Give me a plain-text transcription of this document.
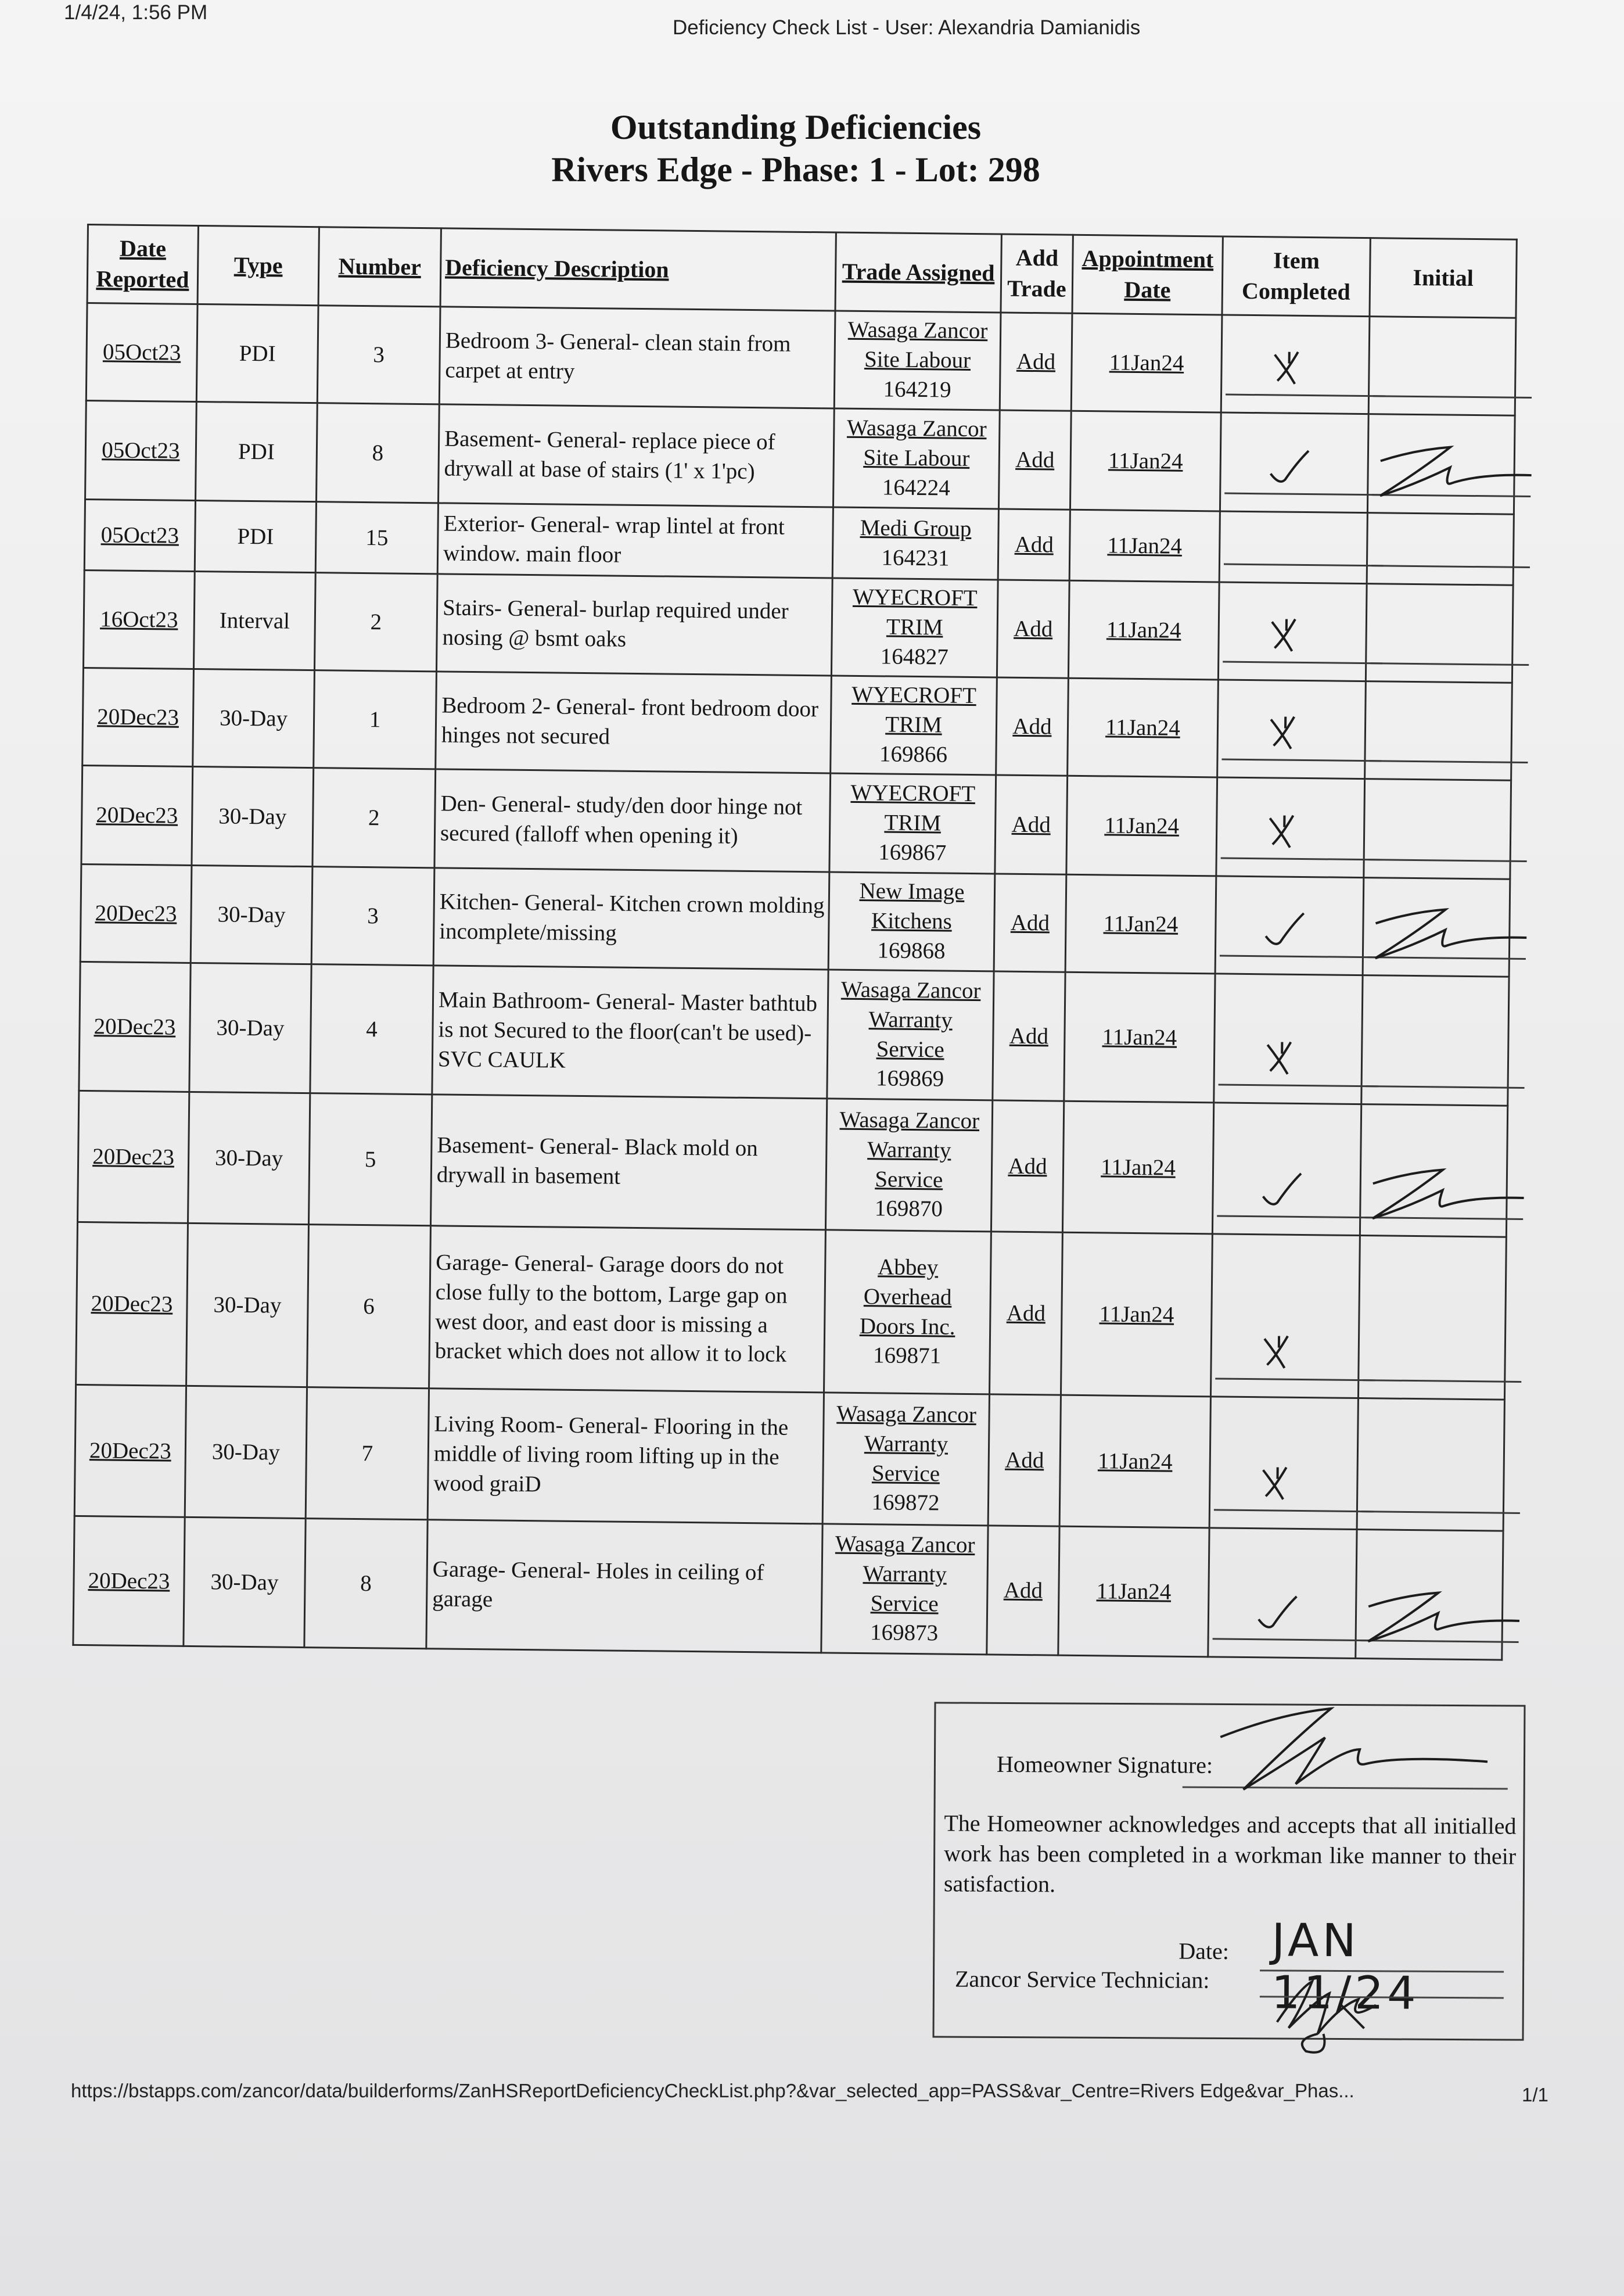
1/4/24, 1:56 PM
Deficiency Check List - User: Alexandria Damianidis
Outstanding Deficiencies
Rivers Edge - Phase: 1 - Lot: 298
Date Reported	Type	Number	Deficiency Description	Trade Assigned	Add Trade	Appointment Date	Item Completed	Initial
05Oct23	PDI	3	Bedroom 3- General- clean stain from carpet at entry	Wasaga Zancor
Site Labour
164219	Add	11Jan24	

05Oct23	PDI	8	Basement- General- replace piece of drywall at base of stairs (1' x 1'pc)	Wasaga Zancor
Site Labour
164224	Add	11Jan24	

05Oct23	PDI	15	Exterior- General- wrap lintel at front window. main floor	Medi Group
164231	Add	11Jan24	

16Oct23	Interval	2	Stairs- General- burlap required under nosing @ bsmt oaks	WYECROFT
TRIM
164827	Add	11Jan24	

20Dec23	30-Day	1	Bedroom 2- General- front bedroom door hinges not secured	WYECROFT
TRIM
169866	Add	11Jan24	

20Dec23	30-Day	2	Den- General- study/den door hinge not secured (falloff when opening it)	WYECROFT
TRIM
169867	Add	11Jan24	

20Dec23	30-Day	3	Kitchen- General- Kitchen crown molding incomplete/missing	New Image
Kitchens
169868	Add	11Jan24	

20Dec23	30-Day	4	Main Bathroom- General- Master bathtub is not Secured to the floor(can't be used)-SVC CAULK	Wasaga Zancor
Warranty
Service
169869	Add	11Jan24	

20Dec23	30-Day	5	Basement- General- Black mold on drywall in basement	Wasaga Zancor
Warranty
Service
169870	Add	11Jan24	

20Dec23	30-Day	6	Garage- General- Garage doors do not close fully to the bottom, Large gap on west door, and east door is missing a bracket which does not allow it to lock	Abbey
Overhead
Doors Inc.
169871	Add	11Jan24	

20Dec23	30-Day	7	Living Room- General- Flooring in the middle of living room lifting up in the wood graiD	Wasaga Zancor
Warranty
Service
169872	Add	11Jan24	

20Dec23	30-Day	8	Garage- General- Holes in ceiling of garage	Wasaga Zancor
Warranty
Service
169873	Add	11Jan24	

Homeowner Signature:
The Homeowner acknowledges and accepts that all initialled work has been completed in a workman like manner to their satisfaction.
Date: JAN 11/24
Zancor Service Technician:
https://bstapps.com/zancor/data/builderforms/ZanHSReportDeficiencyCheckList.php?&var_selected_app=PASS&var_Centre=Rivers Edge&var_Phas...	1/1
